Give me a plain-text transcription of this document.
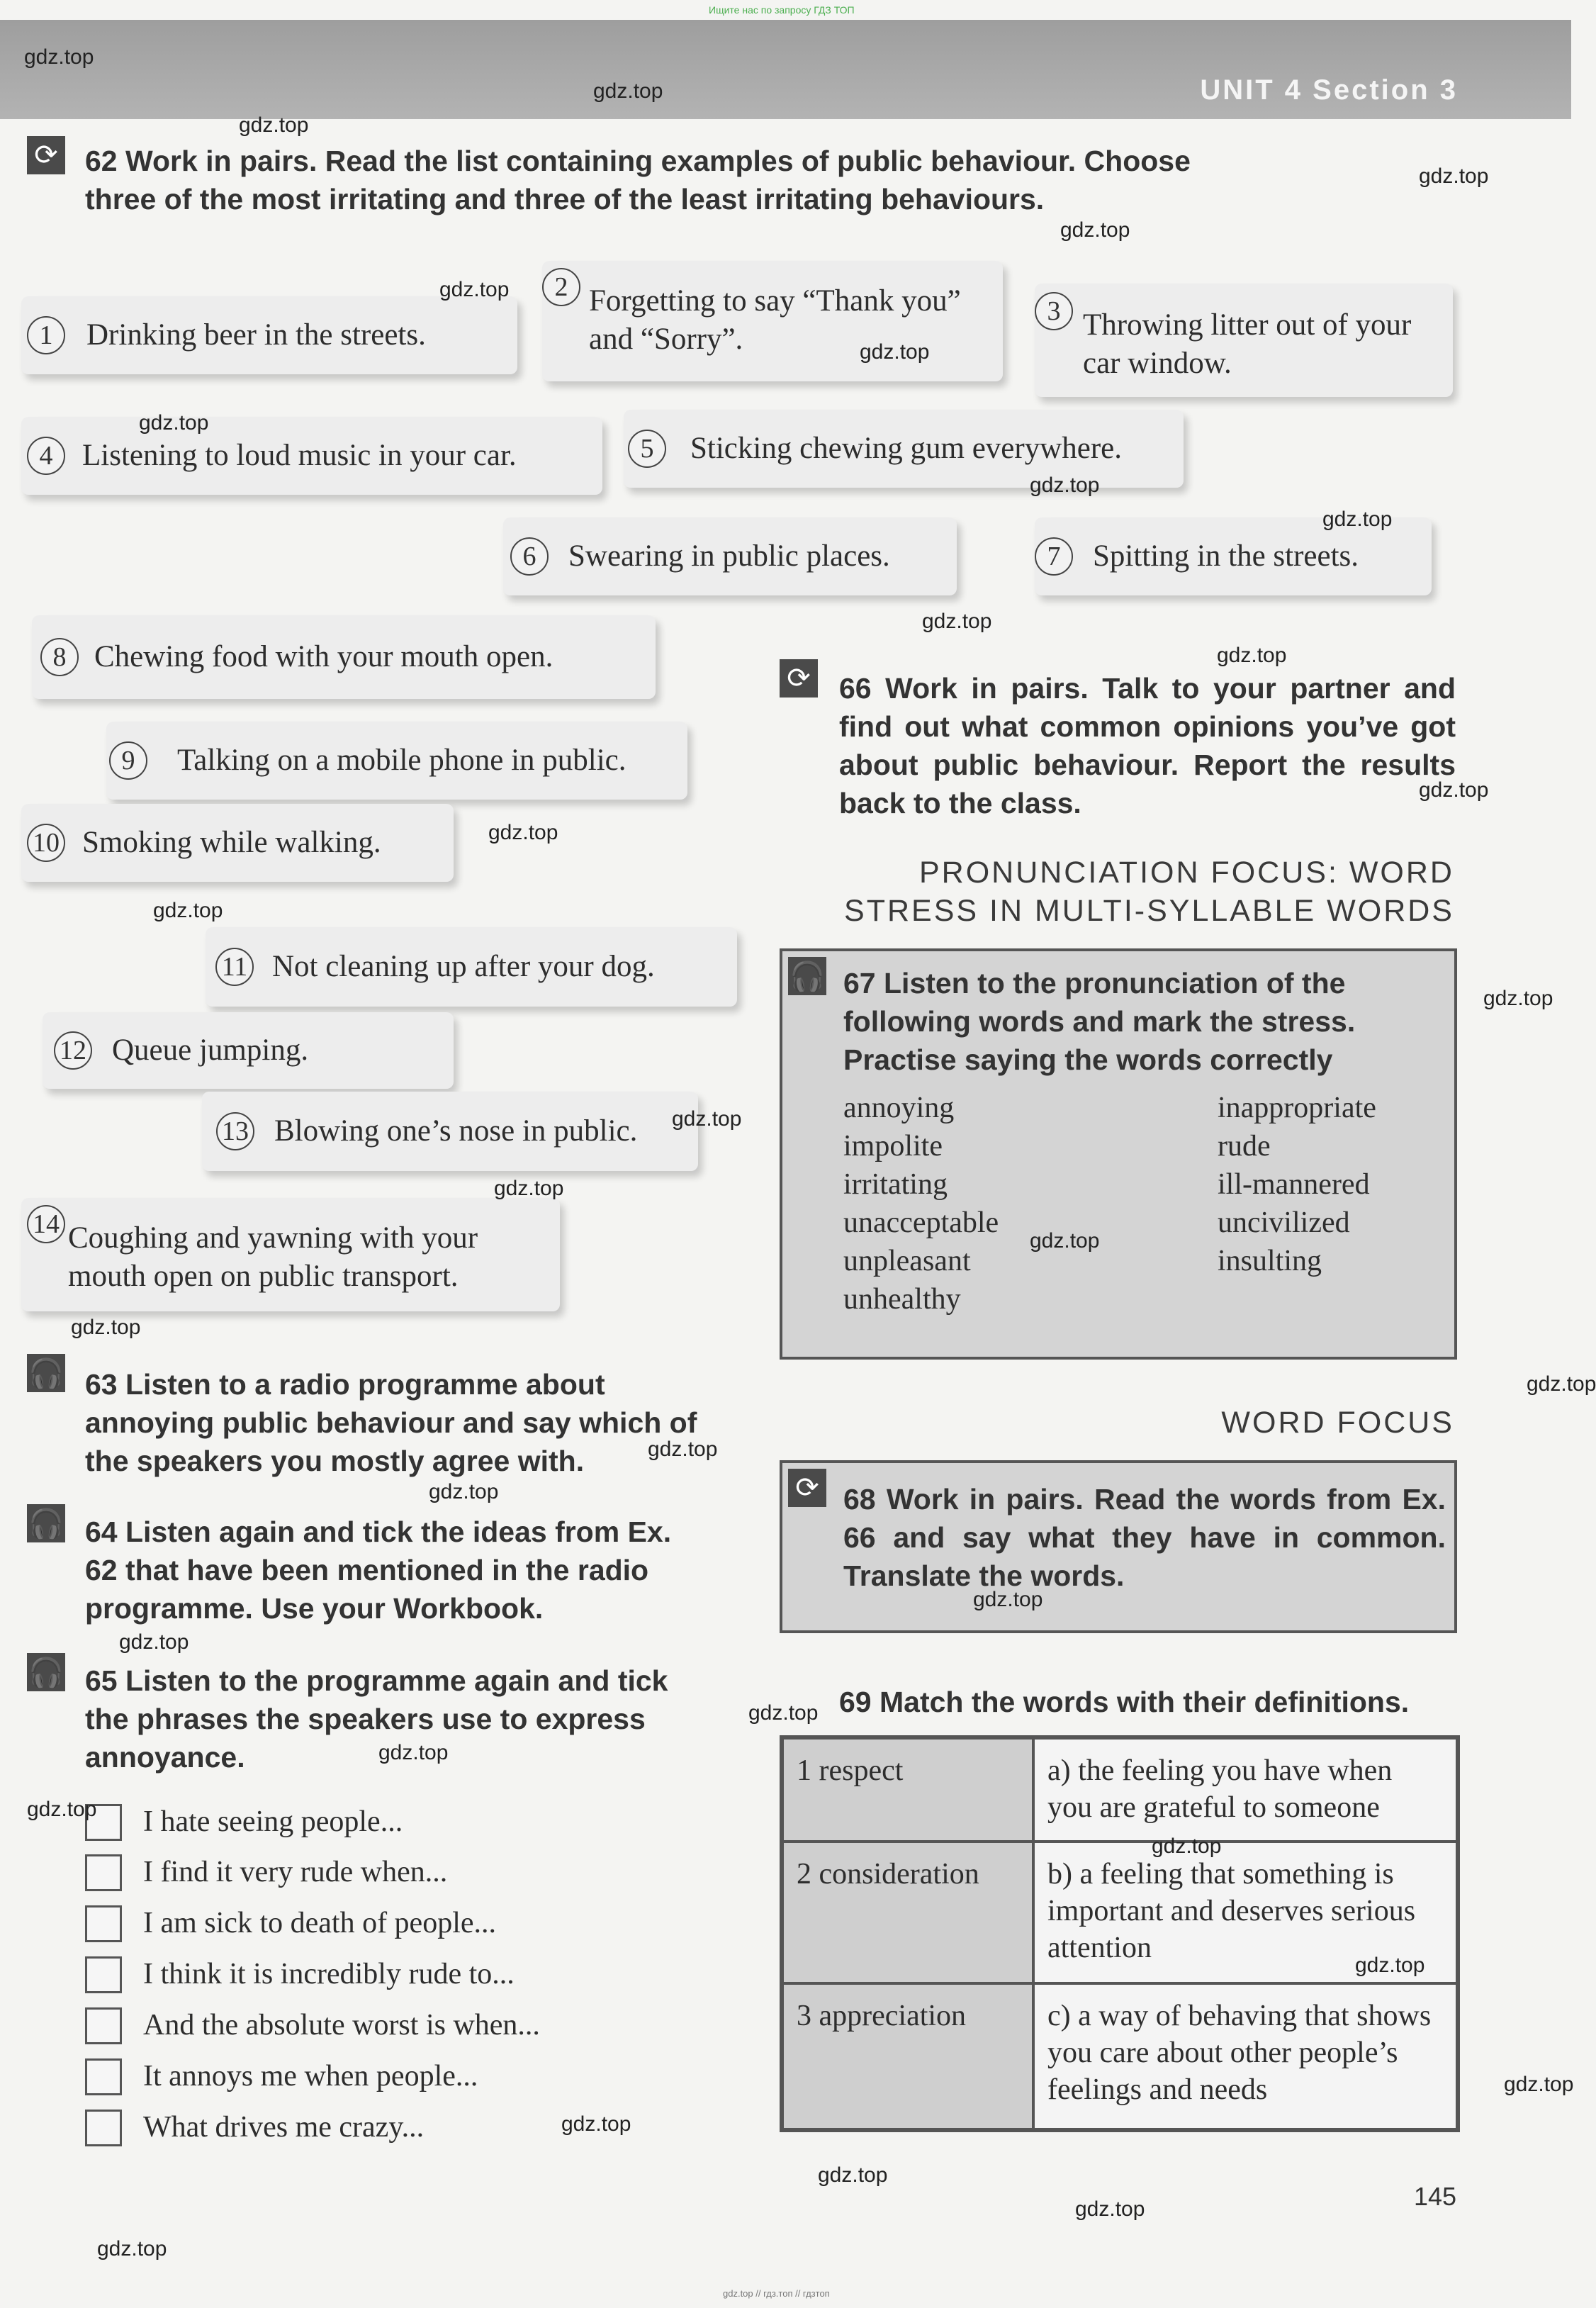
Ищите нас по запросу ГДЗ ТОП
gdz.top // гдз.топ // гдзтоп
UNIT 4 Section 3
⟳ 62 Work in pairs. Read the list containing examples of public behaviour. Choose three of the most irritating and three of the least irritating behaviours.
1	Drinking beer in the streets.
2 Forgetting to say “Thank you” and “Sorry”.
3 Throwing litter out of your car window.
4 Listening to loud music in your car.	5	Sticking chewing gum everywhere.
6	Swearing in public places.	7	Spitting in the streets.
8 Chewing food with your mouth open.
9	Talking on a mobile phone in public.
10 Smoking while walking.
11 Not cleaning up after your dog.
12 Queue jumping.
13 Blowing one’s nose in public.
14 Coughing and yawning with your mouth open on public transport.
🎧 63 Listen to a radio programme about annoying public behaviour and say which of the speakers you mostly agree with.
🎧 64 Listen again and tick the ideas from Ex. 62 that have been mentioned in the radio programme. Use your Workbook.
🎧 65 Listen to the programme again and tick the phrases the speakers use to express annoyance.
I hate seeing people...
I find it very rude when...
I am sick to death of people...
I think it is incredibly rude to...
And the absolute worst is when...
It annoys me when people...
What drives me crazy...
⟳ 66 Work in pairs. Talk to your partner and find out what common opinions you’ve got about public behaviour. Report the results back to the class.
PRONUNCIATION FOCUS: WORD
STRESS IN MULTI-SYLLABLE WORDS
🎧 67 Listen to the pronunciation of the following words and mark the stress. Practise saying the words correctly
annoying
impolite
irritating
unacceptable
unpleasant
unhealthy
inappropriate
rude
ill-mannered
uncivilized
insulting
WORD FOCUS
⟳ 68 Work in pairs. Read the words from Ex. 66 and say what they have in common. Translate the words.
69 Match the words with their definitions.
1 respect	a) the feeling you have when you are grateful to someone
2 consideration	b) a feeling that something is important and deserves serious attention
3 appreciation	c) a way of behaving that shows you care about other people’s feelings and needs
145
gdz.top
gdz.top
gdz.top
gdz.top
gdz.top
gdz.top
gdz.top
gdz.top
gdz.top
gdz.top
gdz.top
gdz.top
gdz.top
gdz.top
gdz.top
gdz.top
gdz.top
gdz.top
gdz.top
gdz.top
gdz.top
gdz.top
gdz.top
gdz.top
gdz.top
gdz.top
gdz.top
gdz.top
gdz.top
gdz.top
gdz.top
gdz.top
gdz.top
gdz.top
gdz.top
